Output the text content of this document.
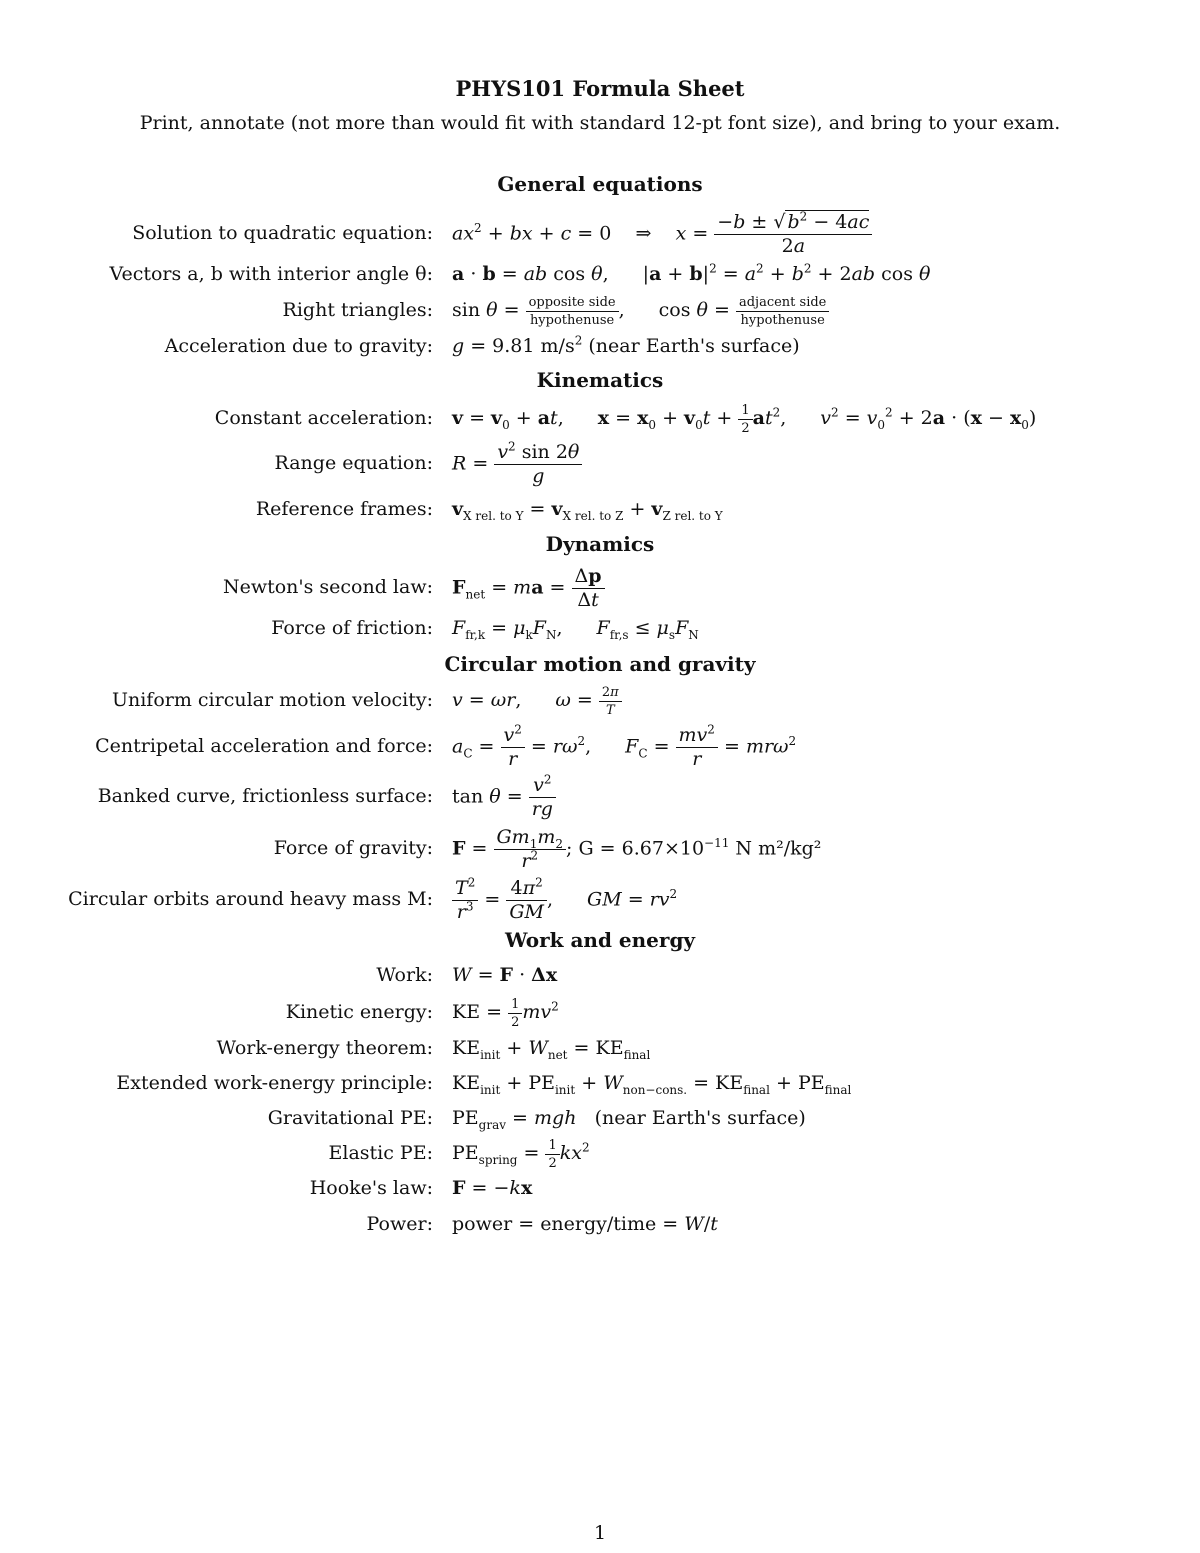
PHYS101 Formula Sheet
Print, annotate (not more than would fit with standard 12-pt font size), and bring to your exam.
General equations
Solution to quadratic equation: $ax^2$ + bx + c = 0    ⇒    $x = \frac{-b \pm √ b^2 - 4ac}{2a}$
Vectors a, b with interior angle θ: a · b = ab cos θ, $|a + b|^2 = a^2 + b^2 + 2ab$ cos θ
Right triangles: sin θ = opposite side
hypothenuse , cos θ = adjacent side
hypothenuse
Acceleration due to gravity: g = 9.81 $m/s^2$ (near Earth's surface)
Kinematics
Constant acceleration: $v = v_0$ + at, $x = x_0 + v_0t + \frac{1}{2} at^2$, $v^2 = v_0^2 + 2a \cdot (x - x_0)$
Range equation: $R = \frac{v^2 \sin 2\theta}{g}$
Reference frames: $v_{X rel. to Y} = v_{X rel. to Z} + v_{Z rel. to Y}$
Dynamics
Newton's second law: $F_{net}$ = ma = $\frac{\Delta p}{\Delta t}$
Force of friction: $F_{fr,k} = \mu_kF_N$, $F_{fr,s} \le \mu_sF_N$
Circular motion and gravity
Uniform circular motion velocity: v = ωr, $\omega = \frac{2\pi}{T}$
Centripetal acceleration and force: $a_C = \frac{v^2}{r} = r\omega^2$, $F_C = \frac{mv^2}{r} = mr\omega^2$
Banked curve, frictionless surface: $\tan \theta = \frac{v^2}{rg}$
Force of gravity: $F = \frac{Gm_1m_2}{r^2}$ ; $G = 6.67\times 10^{-11}$ N m²/kg²
Circular orbits around heavy mass M: $\frac{T^2}{r^3} = \frac{4\pi^2}{GM}$ , GM = $rv^2$
Work and energy
Work: W = F · Δx
Kinetic energy: KE = $\frac{1}{2} mv^2$
Work-energy theorem: $KE_{init} + W_{net} = KE_{final}$
Extended work-energy principle: $KE_{init} + PE_{init} + W_{non-cons.} = KE_{final} + PE_{final}$
Gravitational PE: $PE_{grav}$ = mgh (near Earth's surface)
Elastic PE: $PE_{spring} = \frac{1}{2} kx^2$
Hooke's law: F = −kx
Power: power = energy/time = W/t
1
